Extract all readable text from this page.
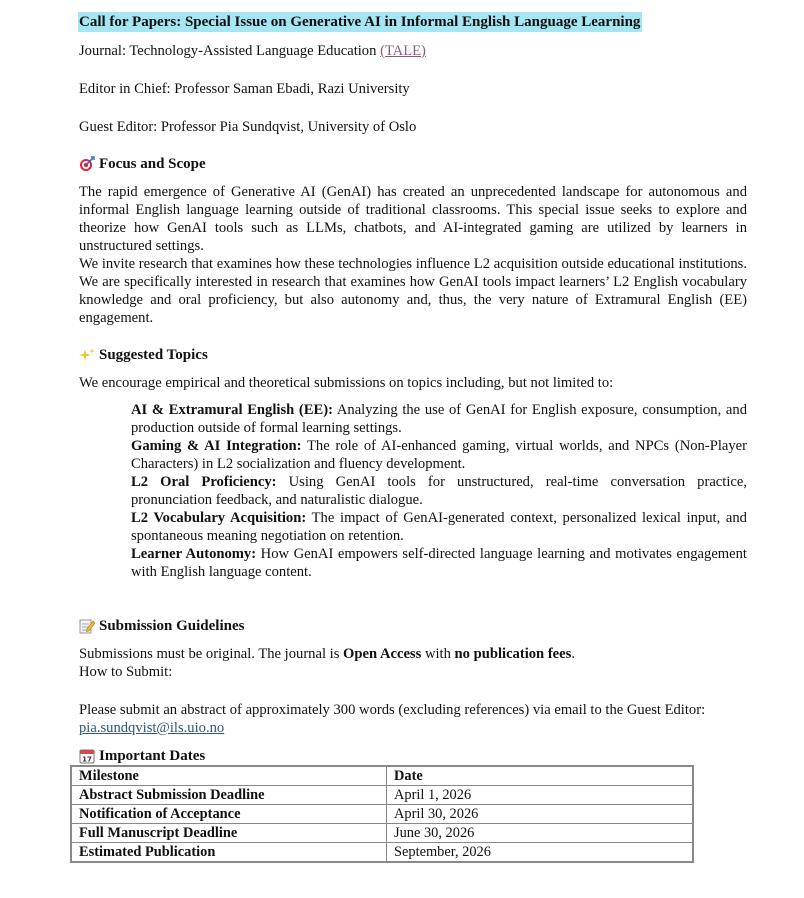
Call for Papers: Special Issue on Generative AI in Informal English Language Learning

Journal: Technology-Assisted Language Education (TALE)

Editor in Chief: Professor Saman Ebadi, Razi University

Guest Editor: Professor Pia Sundqvist, University of Oslo

Focus and Scope

The rapid emergence of Generative AI (GenAI) has created an unprecedented landscape for autonomous and informal English language learning outside of traditional classrooms. This special issue seeks to explore and theorize how GenAI tools such as LLMs, chatbots, and AI-integrated gaming are utilized by learners in unstructured settings.

We invite research that examines how these technologies influence L2 acquisition outside educational institutions. We are specifically interested in research that examines how GenAI tools impact learners’ L2 English vocabulary knowledge and oral proficiency, but also autonomy and, thus, the very nature of Extramural English (EE) engagement.

Suggested Topics

We encourage empirical and theoretical submissions on topics including, but not limited to:

AI & Extramural English (EE): Analyzing the use of GenAI for English exposure, consumption, and production outside of formal learning settings.

Gaming & AI Integration: The role of AI-enhanced gaming, virtual worlds, and NPCs (Non-Player Characters) in L2 socialization and fluency development.

L2 Oral Proficiency: Using GenAI tools for unstructured, real-time conversation practice, pronunciation feedback, and naturalistic dialogue.

L2 Vocabulary Acquisition: The impact of GenAI-generated context, personalized lexical input, and spontaneous meaning negotiation on retention.

Learner Autonomy: How GenAI empowers self-directed language learning and motivates engagement with English language content.

Submission Guidelines

Submissions must be original. The journal is Open Access with no publication fees.

How to Submit:

Please submit an abstract of approximately 300 words (excluding references) via email to the Guest Editor:

pia.sundqvist@ils.uio.no

17 Important Dates
Milestone	Date
Abstract Submission Deadline	April 1, 2026
Notification of Acceptance	April 30, 2026
Full Manuscript Deadline	June 30, 2026
Estimated Publication	September, 2026
